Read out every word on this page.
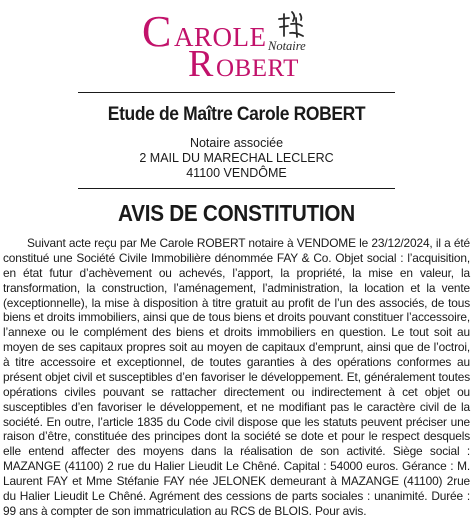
C AROLE
R OBERT
Notaire
Etude de Maître Carole ROBERT
Notaire associée
2 MAIL DU MARECHAL LECLERC
41100 VENDÔME
AVIS DE CONSTITUTION

Suivant acte reçu par Me Carole ROBERT notaire à VENDOME le 23/12/2024, il a été constitué une Société Civile Immobilière dénommée FAY & Co. Objet social : l’acquisition, en état futur d’achèvement ou achevés, l’apport, la propriété, la mise en valeur, la transformation, la construction, l’aménagement, l’administration, la location et la vente (exceptionnelle), la mise à disposition à titre gratuit au profit de l’un des associés, de tous biens et droits immobiliers, ainsi que de tous biens et droits pouvant constituer l’accessoire, l’annexe ou le complément des biens et droits immobiliers en question. Le tout soit au moyen de ses capitaux propres soit au moyen de capitaux d’emprunt, ainsi que de l’octroi, à titre accessoire et exceptionnel, de toutes garanties à des opérations conformes au présent objet civil et susceptibles d’en favoriser le développement. Et, généralement toutes opérations civiles pouvant se rattacher directement ou indirectement à cet objet ou susceptibles d’en favoriser le développement, et ne modifiant pas le caractère civil de la société. En outre, l’article 1835 du Code civil dispose que les statuts peuvent préciser une raison d’être, constituée des principes dont la société se dote et pour le respect desquels elle entend affecter des moyens dans la réalisation de son activité. Siège social : MAZANGE (41100) 2 rue du Halier Lieudit Le Chêné. Capital : 54000 euros. Gérance : M. Laurent FAY et Mme Stéfanie FAY née JELONEK demeurant à MAZANGE (41100) 2rue du Halier Lieudit Le Chêné. Agrément des cessions de parts sociales : unanimité. Durée : 99 ans à compter de son immatriculation au RCS de BLOIS. Pour avis.
